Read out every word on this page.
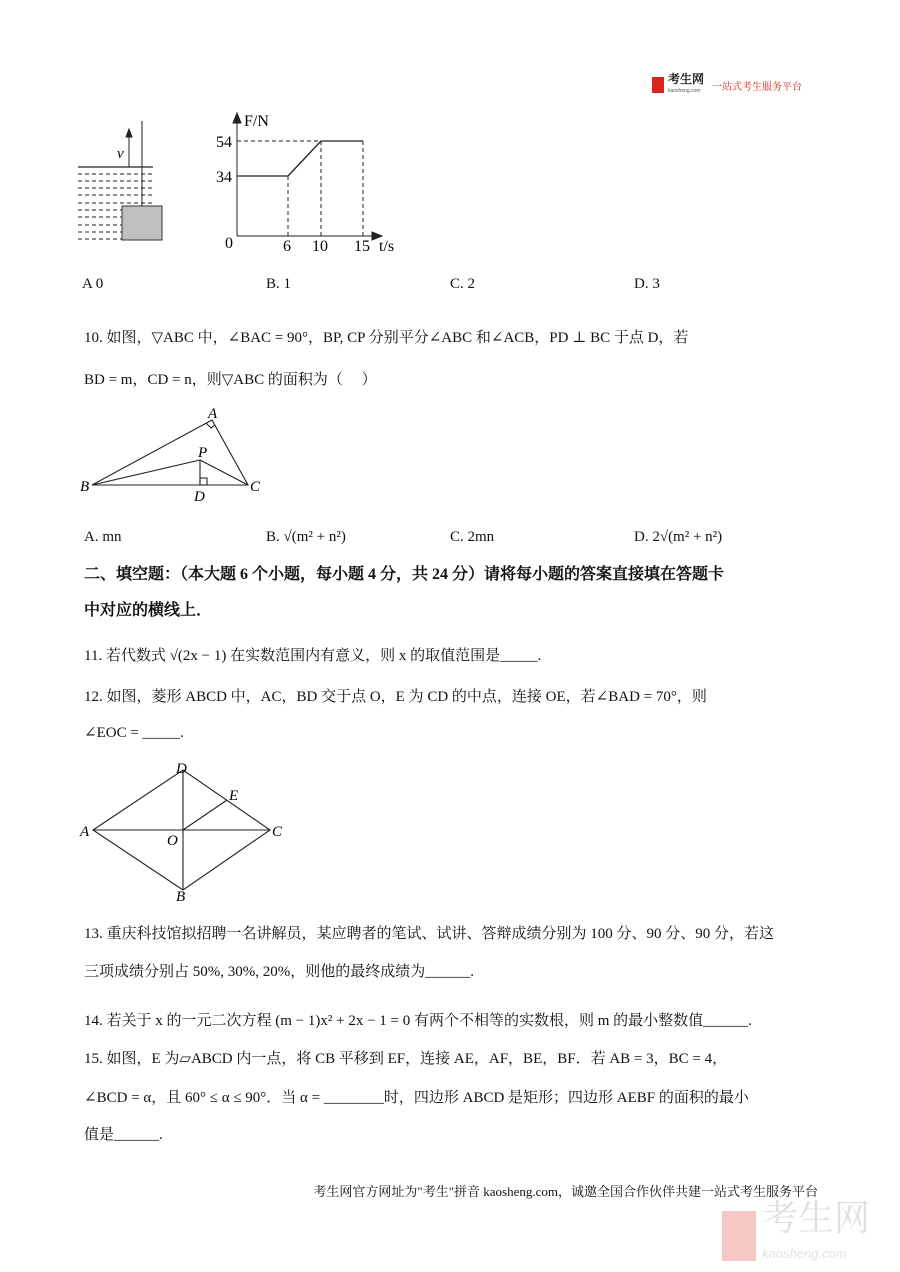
考生网
kaosheng.com	一站式考生服务平台
v
F/N
54
34
0	6 10 15 t/s
A 0	B. 1	C. 2	D. 3
10. 如图，▽ABC 中，∠BAC = 90°，BP, CP 分别平分∠ABC 和∠ACB，PD ⊥ BC 于点 D，若
BD = m，CD = n，则▽ABC 的面积为（　 ）
A
P
B
D
C
A. mn	B. √(m² + n²)	C. 2mn	D. 2√(m² + n²)
二、填空题：（本大题 6 个小题，每小题 4 分，共 24 分）请将每小题的答案直接填在答题卡
中对应的横线上．
11. 若代数式 √(2x − 1) 在实数范围内有意义，则 x 的取值范围是_____.
12. 如图，菱形 ABCD 中，AC，BD 交于点 O，E 为 CD 的中点，连接 OE，若∠BAD = 70°，则
∠EOC = _____.
D
E
A
O
C
B
13. 重庆科技馆拟招聘一名讲解员，某应聘者的笔试、试讲、答辩成绩分别为 100 分、90 分、90 分，若这
三项成绩分别占 50%, 30%, 20%，则他的最终成绩为______.
14. 若关于 x 的一元二次方程 (m − 1)x² + 2x − 1 = 0 有两个不相等的实数根，则 m 的最小整数值______.
15. 如图，E 为▱ABCD 内一点，将 CB 平移到 EF，连接 AE，AF，BE，BF．若 AB = 3，BC = 4，
∠BCD = α，且 60° ≤ α ≤ 90°．当 α = ________时，四边形 ABCD 是矩形；四边形 AEBF 的面积的最小
值是______.
考生网官方网址为"考生"拼音 kaosheng.com，诚邀全国合作伙伴共建一站式考生服务平台
考生网
kaosheng.com
